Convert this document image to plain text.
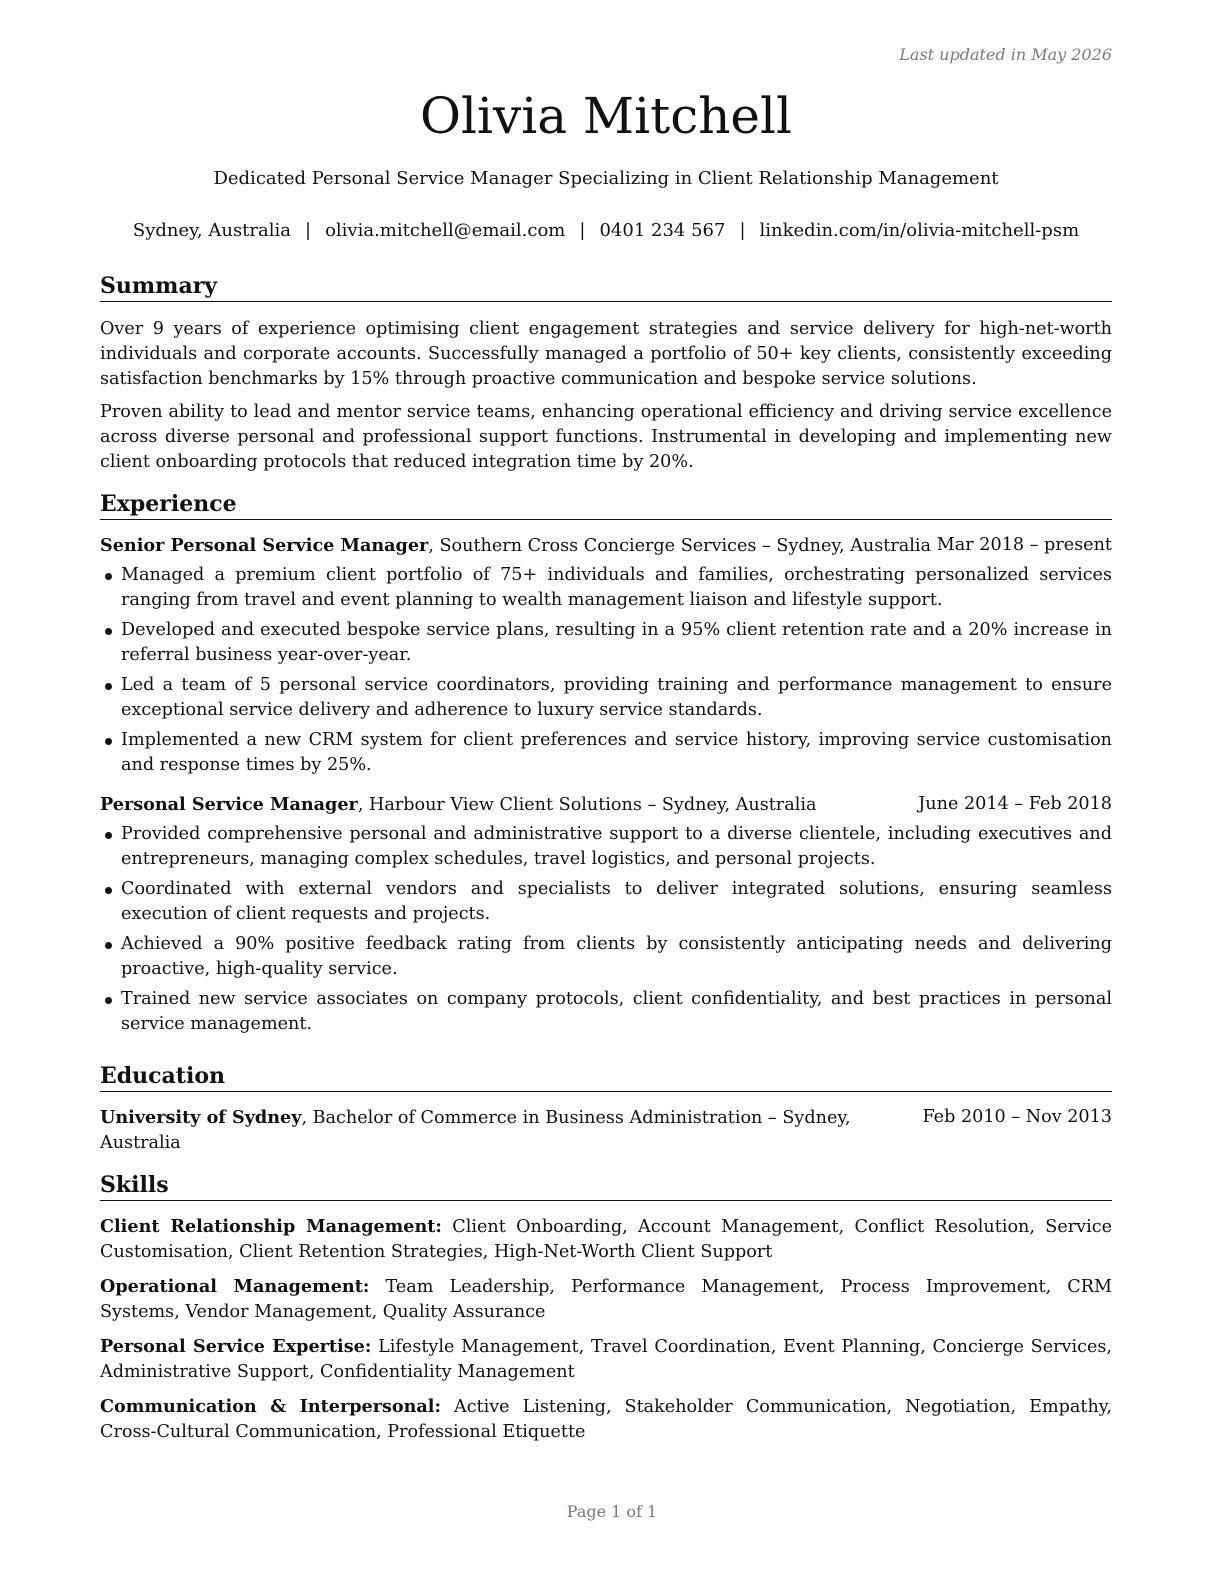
Last updated in May 2026
Olivia Mitchell
Dedicated Personal Service Manager Specializing in Client Relationship Management
Sydney, Australia | olivia.mitchell@email.com | 0401 234 567 | linkedin.com/in/olivia-mitchell-psm
Summary

Over 9 years of experience optimising client engagement strategies and service delivery for high-net-worth individuals and corporate accounts. Successfully managed a portfolio of 50+ key clients, consistently exceeding satisfaction benchmarks by 15% through proactive communication and bespoke service solutions.

Proven ability to lead and mentor service teams, enhancing operational efficiency and driving service excellence across diverse personal and professional support functions. Instrumental in developing and implementing new client onboarding protocols that reduced integration time by 20%.

Experience
Senior Personal Service Manager, Southern Cross Concierge Services – Sydney, Australia Mar 2018 – present
Managed a premium client portfolio of 75+ individuals and families, orchestrating personalized services ranging from travel and event planning to wealth management liaison and lifestyle support.
Developed and executed bespoke service plans, resulting in a 95% client retention rate and a 20% increase in referral business year-over-year.
Led a team of 5 personal service coordinators, providing training and performance management to ensure exceptional service delivery and adherence to luxury service standards.
Implemented a new CRM system for client preferences and service history, improving service customisation and response times by 25%.
Personal Service Manager, Harbour View Client Solutions – Sydney, Australia	June 2014 – Feb 2018
Provided comprehensive personal and administrative support to a diverse clientele, including executives and entrepreneurs, managing complex schedules, travel logistics, and personal projects.
Coordinated with external vendors and specialists to deliver integrated solutions, ensuring seamless execution of client requests and projects.
Achieved a 90% positive feedback rating from clients by consistently anticipating needs and delivering proactive, high-quality service.
Trained new service associates on company protocols, client confidentiality, and best practices in personal service management.
Education
University of Sydney, Bachelor of Commerce in Business Administration – Sydney, Australia
Feb 2010 – Nov 2013
Skills

Client Relationship Management: Client Onboarding, Account Management, Conflict Resolution, Service Customisation, Client Retention Strategies, High-Net-Worth Client Support

Operational Management: Team Leadership, Performance Management, Process Improvement, CRM Systems, Vendor Management, Quality Assurance

Personal Service Expertise: Lifestyle Management, Travel Coordination, Event Planning, Concierge Services, Administrative Support, Confidentiality Management

Communication & Interpersonal: Active Listening, Stakeholder Communication, Negotiation, Empathy, Cross-Cultural Communication, Professional Etiquette

Page 1 of 1
